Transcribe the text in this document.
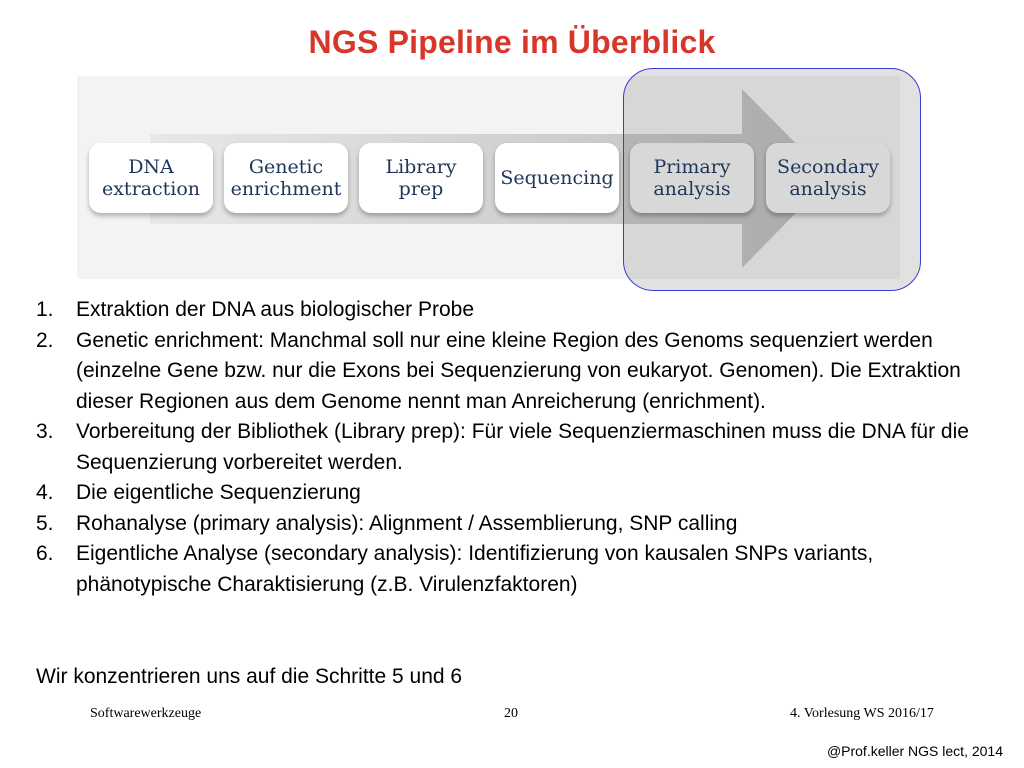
NGS Pipeline im Überblick
DNA
extraction
Genetic
enrichment
Library
prep	Sequencing	Primary
analysis
Secondary
analysis
1. Extraktion der DNA aus biologischer Probe
2. Genetic enrichment: Manchmal soll nur eine kleine Region des Genoms sequenziert werden (einzelne Gene bzw. nur die Exons bei Sequenzierung von eukaryot. Genomen). Die Extraktion dieser Regionen aus dem Genome nennt man Anreicherung (enrichment).
3. Vorbereitung der Bibliothek (Library prep): Für viele Sequenziermaschinen muss die DNA für die Sequenzierung vorbereitet werden.
4. Die eigentliche Sequenzierung
5. Rohanalyse (primary analysis): Alignment / Assemblierung, SNP calling
6. Eigentliche Analyse (secondary analysis): Identifizierung von kausalen SNPs variants, phänotypische Charaktisierung (z.B. Virulenzfaktoren)
Wir konzentrieren uns auf die Schritte 5 und 6
Softwarewerkzeuge	20	4. Vorlesung WS 2016/17
@Prof.keller NGS lect, 2014
